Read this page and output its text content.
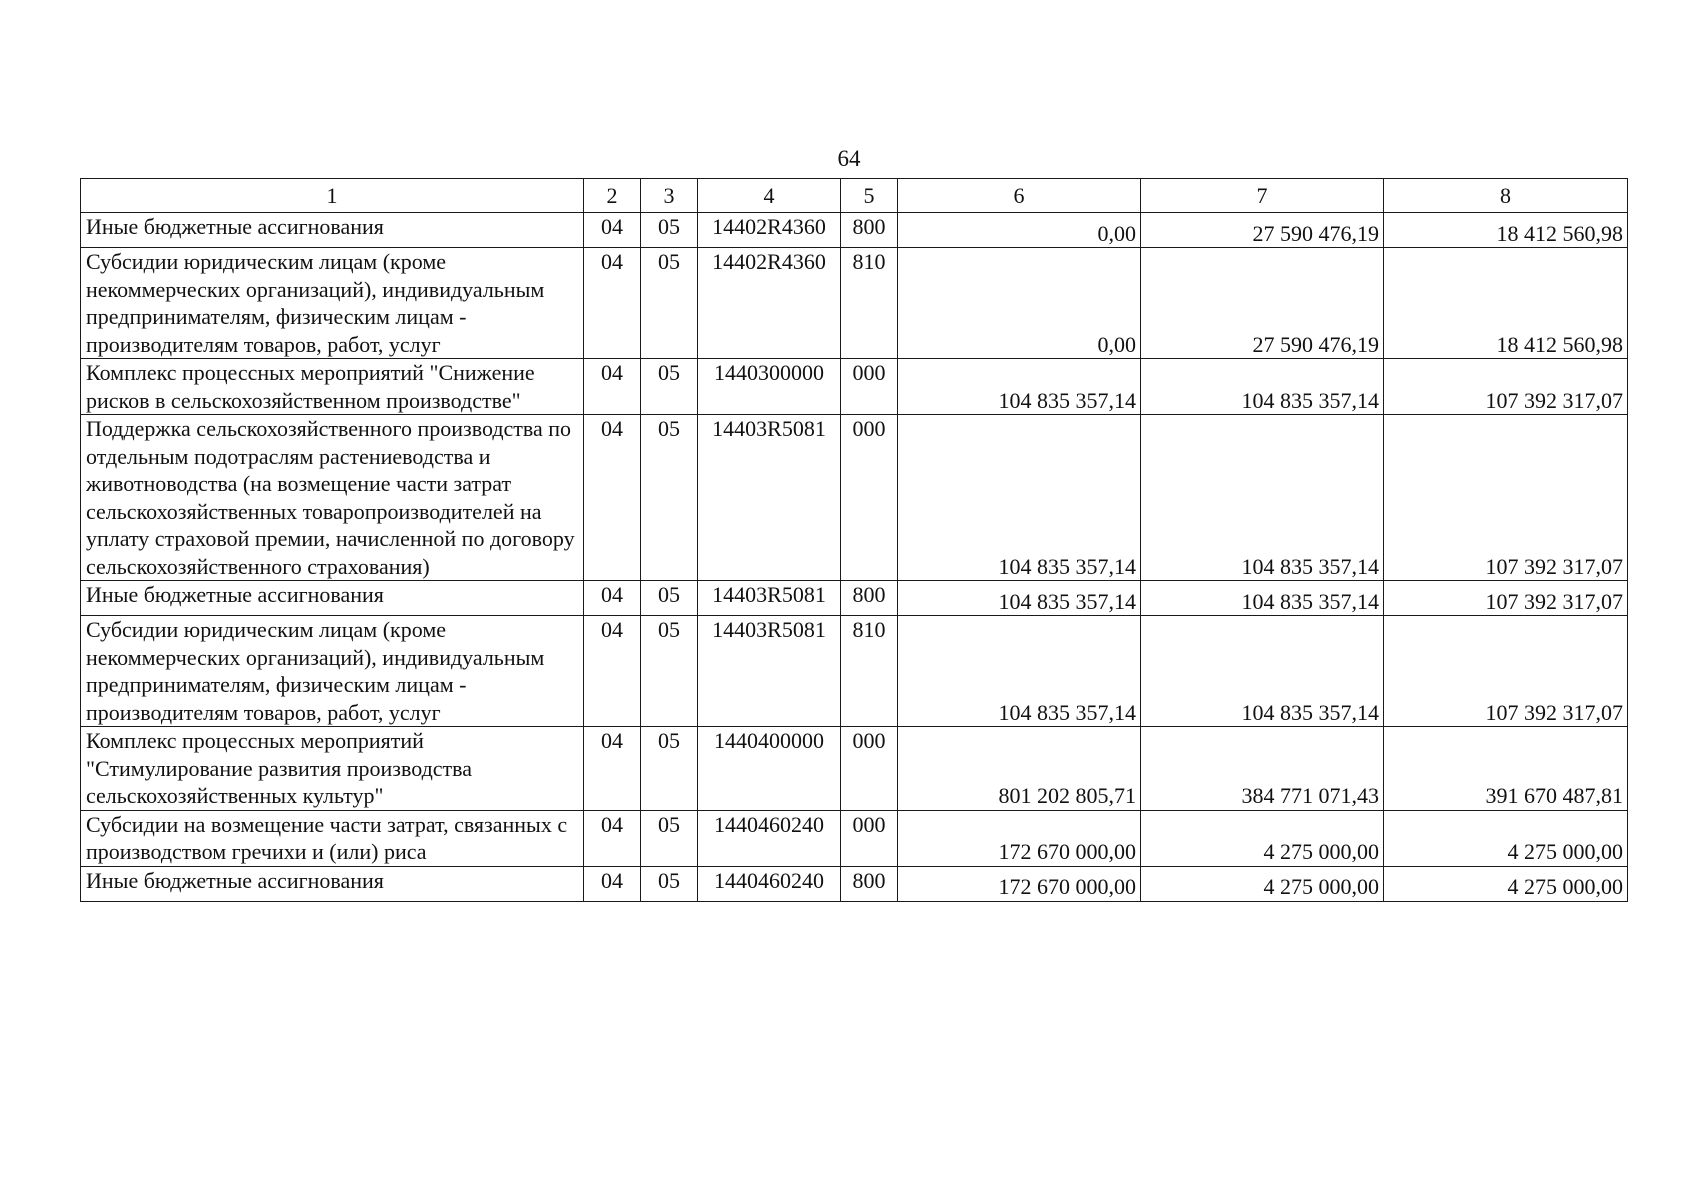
64
1	2	3	4	5	6	7	8
Иные бюджетные ассигнования	04	05	14402R4360	800	0,00	27 590 476,19	18 412 560,98
Субсидии юридическим лицам (кроме некоммерческих организаций), индивидуальным предпринимателям, физическим лицам - производителям товаров, работ, услуг	04	05	14402R4360	810	0,00	27 590 476,19	18 412 560,98
Комплекс процессных мероприятий "Снижение рисков в сельскохозяйственном производстве"	04	05	1440300000	000	104 835 357,14	104 835 357,14	107 392 317,07
Поддержка сельскохозяйственного производства по отдельным подотраслям растениеводства и животноводства (на возмещение части затрат сельскохозяйственных товаропроизводителей на уплату страховой премии, начисленной по договору сельскохозяйственного страхования)	04	05	14403R5081	000	104 835 357,14	104 835 357,14	107 392 317,07
Иные бюджетные ассигнования	04	05	14403R5081	800	104 835 357,14	104 835 357,14	107 392 317,07
Субсидии юридическим лицам (кроме некоммерческих организаций), индивидуальным предпринимателям, физическим лицам - производителям товаров, работ, услуг	04	05	14403R5081	810	104 835 357,14	104 835 357,14	107 392 317,07
Комплекс процессных мероприятий "Стимулирование развития производства сельскохозяйственных культур"	04	05	1440400000	000	801 202 805,71	384 771 071,43	391 670 487,81
Субсидии на возмещение части затрат, связанных с производством гречихи и (или) риса	04	05	1440460240	000	172 670 000,00	4 275 000,00	4 275 000,00
Иные бюджетные ассигнования	04	05	1440460240	800	172 670 000,00	4 275 000,00	4 275 000,00
